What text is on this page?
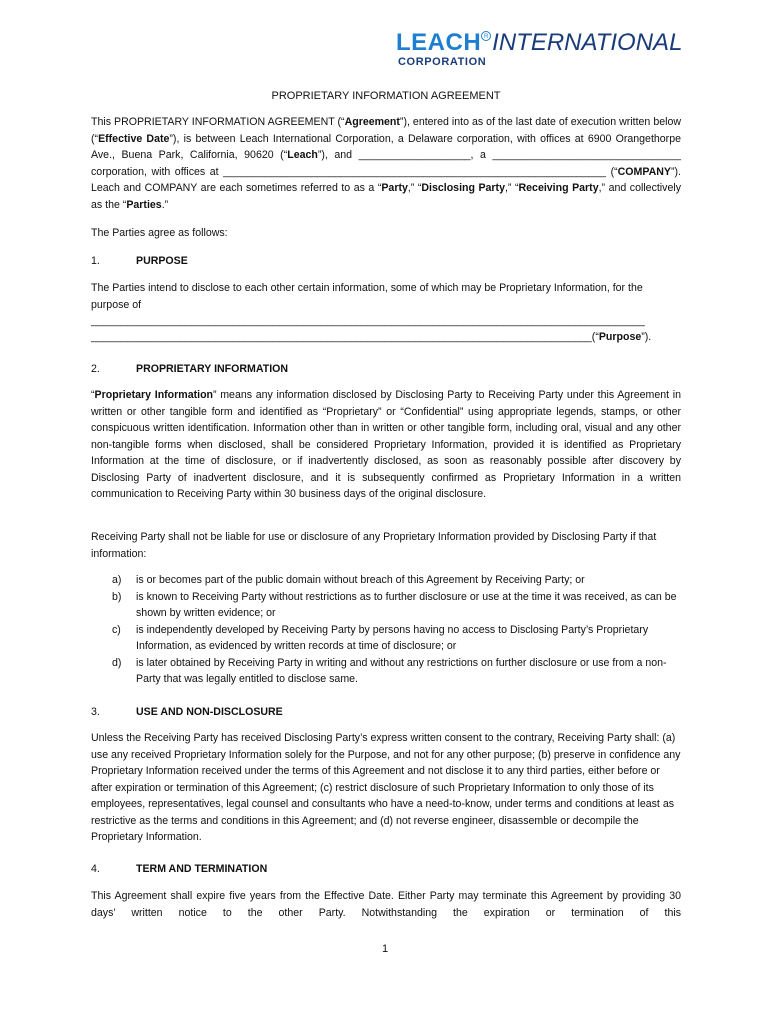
LEACH R INTERNATIONAL
CORPORATION
PROPRIETARY INFORMATION AGREEMENT
This PROPRIETARY INFORMATION AGREEMENT (“Agreement”), entered into as of the last date of execution written below (“Effective Date”), is between Leach International Corporation, a Delaware corporation, with offices at 6900 Orangethorpe Ave., Buena Park, California, 90620 (“Leach”), and ___________________, a ________________________________ corporation, with offices at _________________________________________________________________ (“COMPANY”). Leach and COMPANY are each sometimes referred to as a “Party,” “Disclosing Party,” “Receiving Party,” and collectively as the “Parties.”
The Parties agree as follows:
1.	PURPOSE
The Parties intend to disclose to each other certain information, some of which may be Proprietary Information, for the purpose of
______________________________________________________________________________________________
_____________________________________________________________________________________(“Purpose”).
2.	PROPRIETARY INFORMATION
“Proprietary Information” means any information disclosed by Disclosing Party to Receiving Party under this Agreement in written or other tangible form and identified as “Proprietary” or “Confidential” using appropriate legends, stamps, or other conspicuous written identification. Information other than in written or other tangible form, including oral, visual and any other non-tangible forms when disclosed, shall be considered Proprietary Information, provided it is identified as Proprietary Information at the time of disclosure, or if inadvertently disclosed, as soon as reasonably possible after discovery by Disclosing Party of inadvertent disclosure, and it is subsequently confirmed as Proprietary Information in a written communication to Receiving Party within 30 business days of the original disclosure.
Receiving Party shall not be liable for use or disclosure of any Proprietary Information provided by Disclosing Party if that information:
a) is or becomes part of the public domain without breach of this Agreement by Receiving Party; or
b) is known to Receiving Party without restrictions as to further disclosure or use at the time it was received, as can be shown by written evidence; or
c) is independently developed by Receiving Party by persons having no access to Disclosing Party’s Proprietary Information, as evidenced by written records at time of disclosure; or
d) is later obtained by Receiving Party in writing and without any restrictions on further disclosure or use from a non-Party that was legally entitled to disclose same.
3.	USE AND NON-DISCLOSURE
Unless the Receiving Party has received Disclosing Party’s express written consent to the contrary, Receiving Party shall: (a) use any received Proprietary Information solely for the Purpose, and not for any other purpose; (b) preserve in confidence any Proprietary Information received under the terms of this Agreement and not disclose it to any third parties, either before or after expiration or termination of this Agreement; (c) restrict disclosure of such Proprietary Information to only those of its employees, representatives, legal counsel and consultants who have a need-to-know, under terms and conditions at least as restrictive as the terms and conditions in this Agreement; and (d) not reverse engineer, disassemble or decompile the Proprietary Information.
4.	TERM AND TERMINATION
This Agreement shall expire five years from the Effective Date. Either Party may terminate this Agreement by providing 30 days’ written notice to the other Party. Notwithstanding the expiration or termination of this
1
